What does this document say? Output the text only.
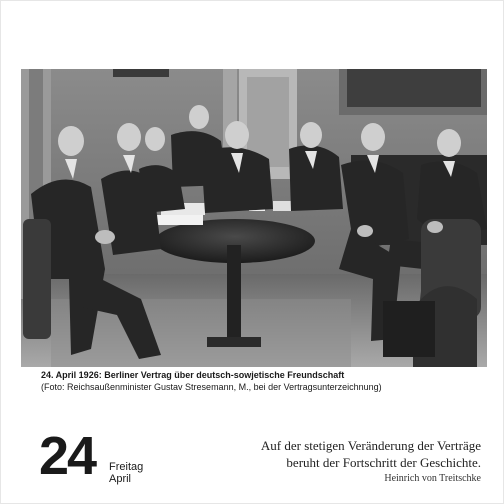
24. April 1926: Berliner Vertrag über deutsch-sowjetische Freundschaft
(Foto: Reichsaußenminister Gustav Stresemann, M., bei der Vertragsunterzeichnung)
24 Freitag
April
Auf der stetigen Veränderung der Verträge
beruht der Fortschritt der Geschichte.
Heinrich von Treitschke
